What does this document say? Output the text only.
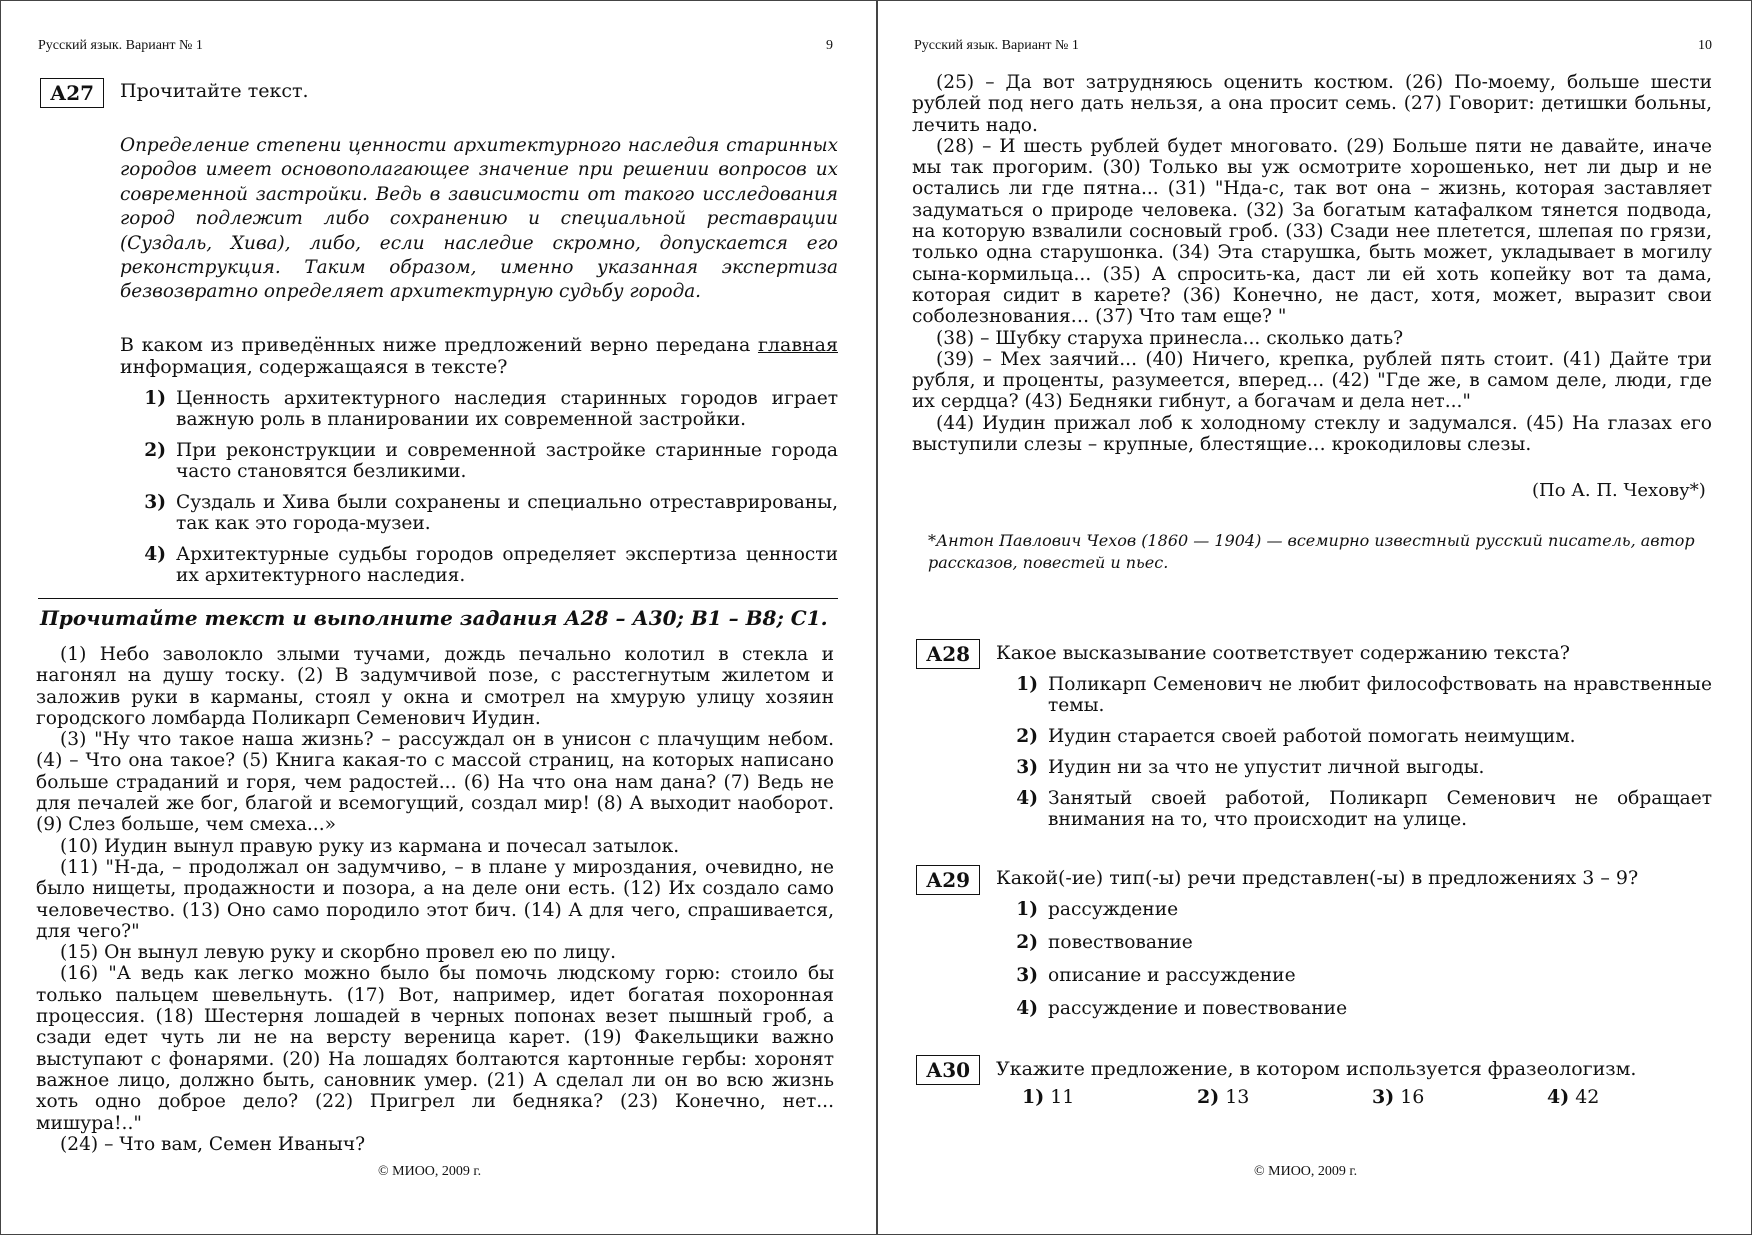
Русский язык. Вариант № 1	9
А27	Прочитайте текст.
Определение степени ценности архитектурного наследия старинных городов имеет основополагающее значение при решении вопросов их современной застройки. Ведь в зависимости от такого исследования город подлежит либо сохранению и специальной реставрации (Суздаль, Хива), либо, если наследие скромно, допускается его реконструкция. Таким образом, именно указанная экспертиза безвозвратно определяет архитектурную судьбу города.
В каком из приведённых ниже предложений верно передана главная информация, содержащаяся в тексте?
1) Ценность архитектурного наследия старинных городов играет важную роль в планировании их современной застройки.
2) При реконструкции и современной застройке старинные города часто становятся безликими.
3) Суздаль и Хива были сохранены и специально отреставрированы, так как это города-музеи.
4) Архитектурные судьбы городов определяет экспертиза ценности их архитектурного наследия.
Прочитайте текст и выполните задания А28 – А30; В1 – В8; С1.

(1) Небо заволокло злыми тучами, дождь печально колотил в стекла и нагонял на душу тоску. (2) В задумчивой позе, с расстегнутым жилетом и заложив руки в карманы, стоял у окна и смотрел на хмурую улицу хозяин городского ломбарда Поликарп Семенович Иудин.

(3) "Ну что такое наша жизнь? – рассуждал он в унисон с плачущим небом. (4) – Что она такое? (5) Книга какая-то с массой страниц, на которых написано больше страданий и горя, чем радостей... (6) На что она нам дана? (7) Ведь не для печалей же бог, благой и всемогущий, создал мир! (8) А выходит наоборот. (9) Слез больше, чем смеха...»

(10) Иудин вынул правую руку из кармана и почесал затылок.

(11) "Н-да, – продолжал он задумчиво, – в плане у мироздания, очевидно, не было нищеты, продажности и позора, а на деле они есть. (12) Их создало само человечество. (13) Оно само породило этот бич. (14) А для чего, спрашивается, для чего?"

(15) Он вынул левую руку и скорбно провел ею по лицу.

(16) "А ведь как легко можно было бы помочь людскому горю: стоило бы только пальцем шевельнуть. (17) Вот, например, идет богатая похоронная процессия. (18) Шестерня лошадей в черных попонах везет пышный гроб, а сзади едет чуть ли не на версту вереница карет. (19) Факельщики важно выступают с фонарями. (20) На лошадях болтаются картонные гербы: хоронят важное лицо, должно быть, сановник умер. (21) А сделал ли он во всю жизнь хоть одно доброе дело? (22) Пригрел ли бедняка? (23) Конечно, нет... мишура!.."

(24) – Что вам, Семен Иваныч?

© МИОО, 2009 г.
Русский язык. Вариант № 1	10

(25) – Да вот затрудняюсь оценить костюм. (26) По-моему, больше шести рублей под него дать нельзя, а она просит семь. (27) Говорит: детишки больны, лечить надо.

(28) – И шесть рублей будет многовато. (29) Больше пяти не давайте, иначе мы так прогорим. (30) Только вы уж осмотрите хорошенько, нет ли дыр и не остались ли где пятна... (31) "Нда-с, так вот она – жизнь, которая заставляет задуматься о природе человека. (32) За богатым катафалком тянется подвода, на которую взвалили сосновый гроб. (33) Сзади нее плетется, шлепая по грязи, только одна старушонка. (34) Эта старушка, быть может, укладывает в могилу сына-кормильца... (35) А спросить-ка, даст ли ей хоть копейку вот та дама, которая сидит в карете? (36) Конечно, не даст, хотя, может, выразит свои соболезнования… (37) Что там еще? "

(38) – Шубку старуха принесла... сколько дать?

(39) – Мех заячий... (40) Ничего, крепка, рублей пять стоит. (41) Дайте три рубля, и проценты, разумеется, вперед... (42) "Где же, в самом деле, люди, где их сердца? (43) Бедняки гибнут, а богачам и дела нет..."

(44) Иудин прижал лоб к холодному стеклу и задумался. (45) На глазах его выступили слезы – крупные, блестящие… крокодиловы слезы.

(По А. П. Чехову*)
*Антон Павлович Чехов (1860 — 1904) — всемирно известный русский писатель, автор рассказов, повестей и пьес.
А28	Какое высказывание соответствует содержанию текста?
1) Поликарп Семенович не любит философствовать на нравственные темы.
2) Иудин старается своей работой помогать неимущим.
3) Иудин ни за что не упустит личной выгоды.
4) Занятый своей работой, Поликарп Семенович не обращает внимания на то, что происходит на улице.
А29	Какой(-ие) тип(-ы) речи представлен(-ы) в предложениях 3 – 9?
1) рассуждение
2) повествование
3) описание и рассуждение
4) рассуждение и повествование
А30	Укажите предложение, в котором используется фразеологизм.
© МИОО, 2009 г.
1) 11	2) 13	3) 16	4) 42
